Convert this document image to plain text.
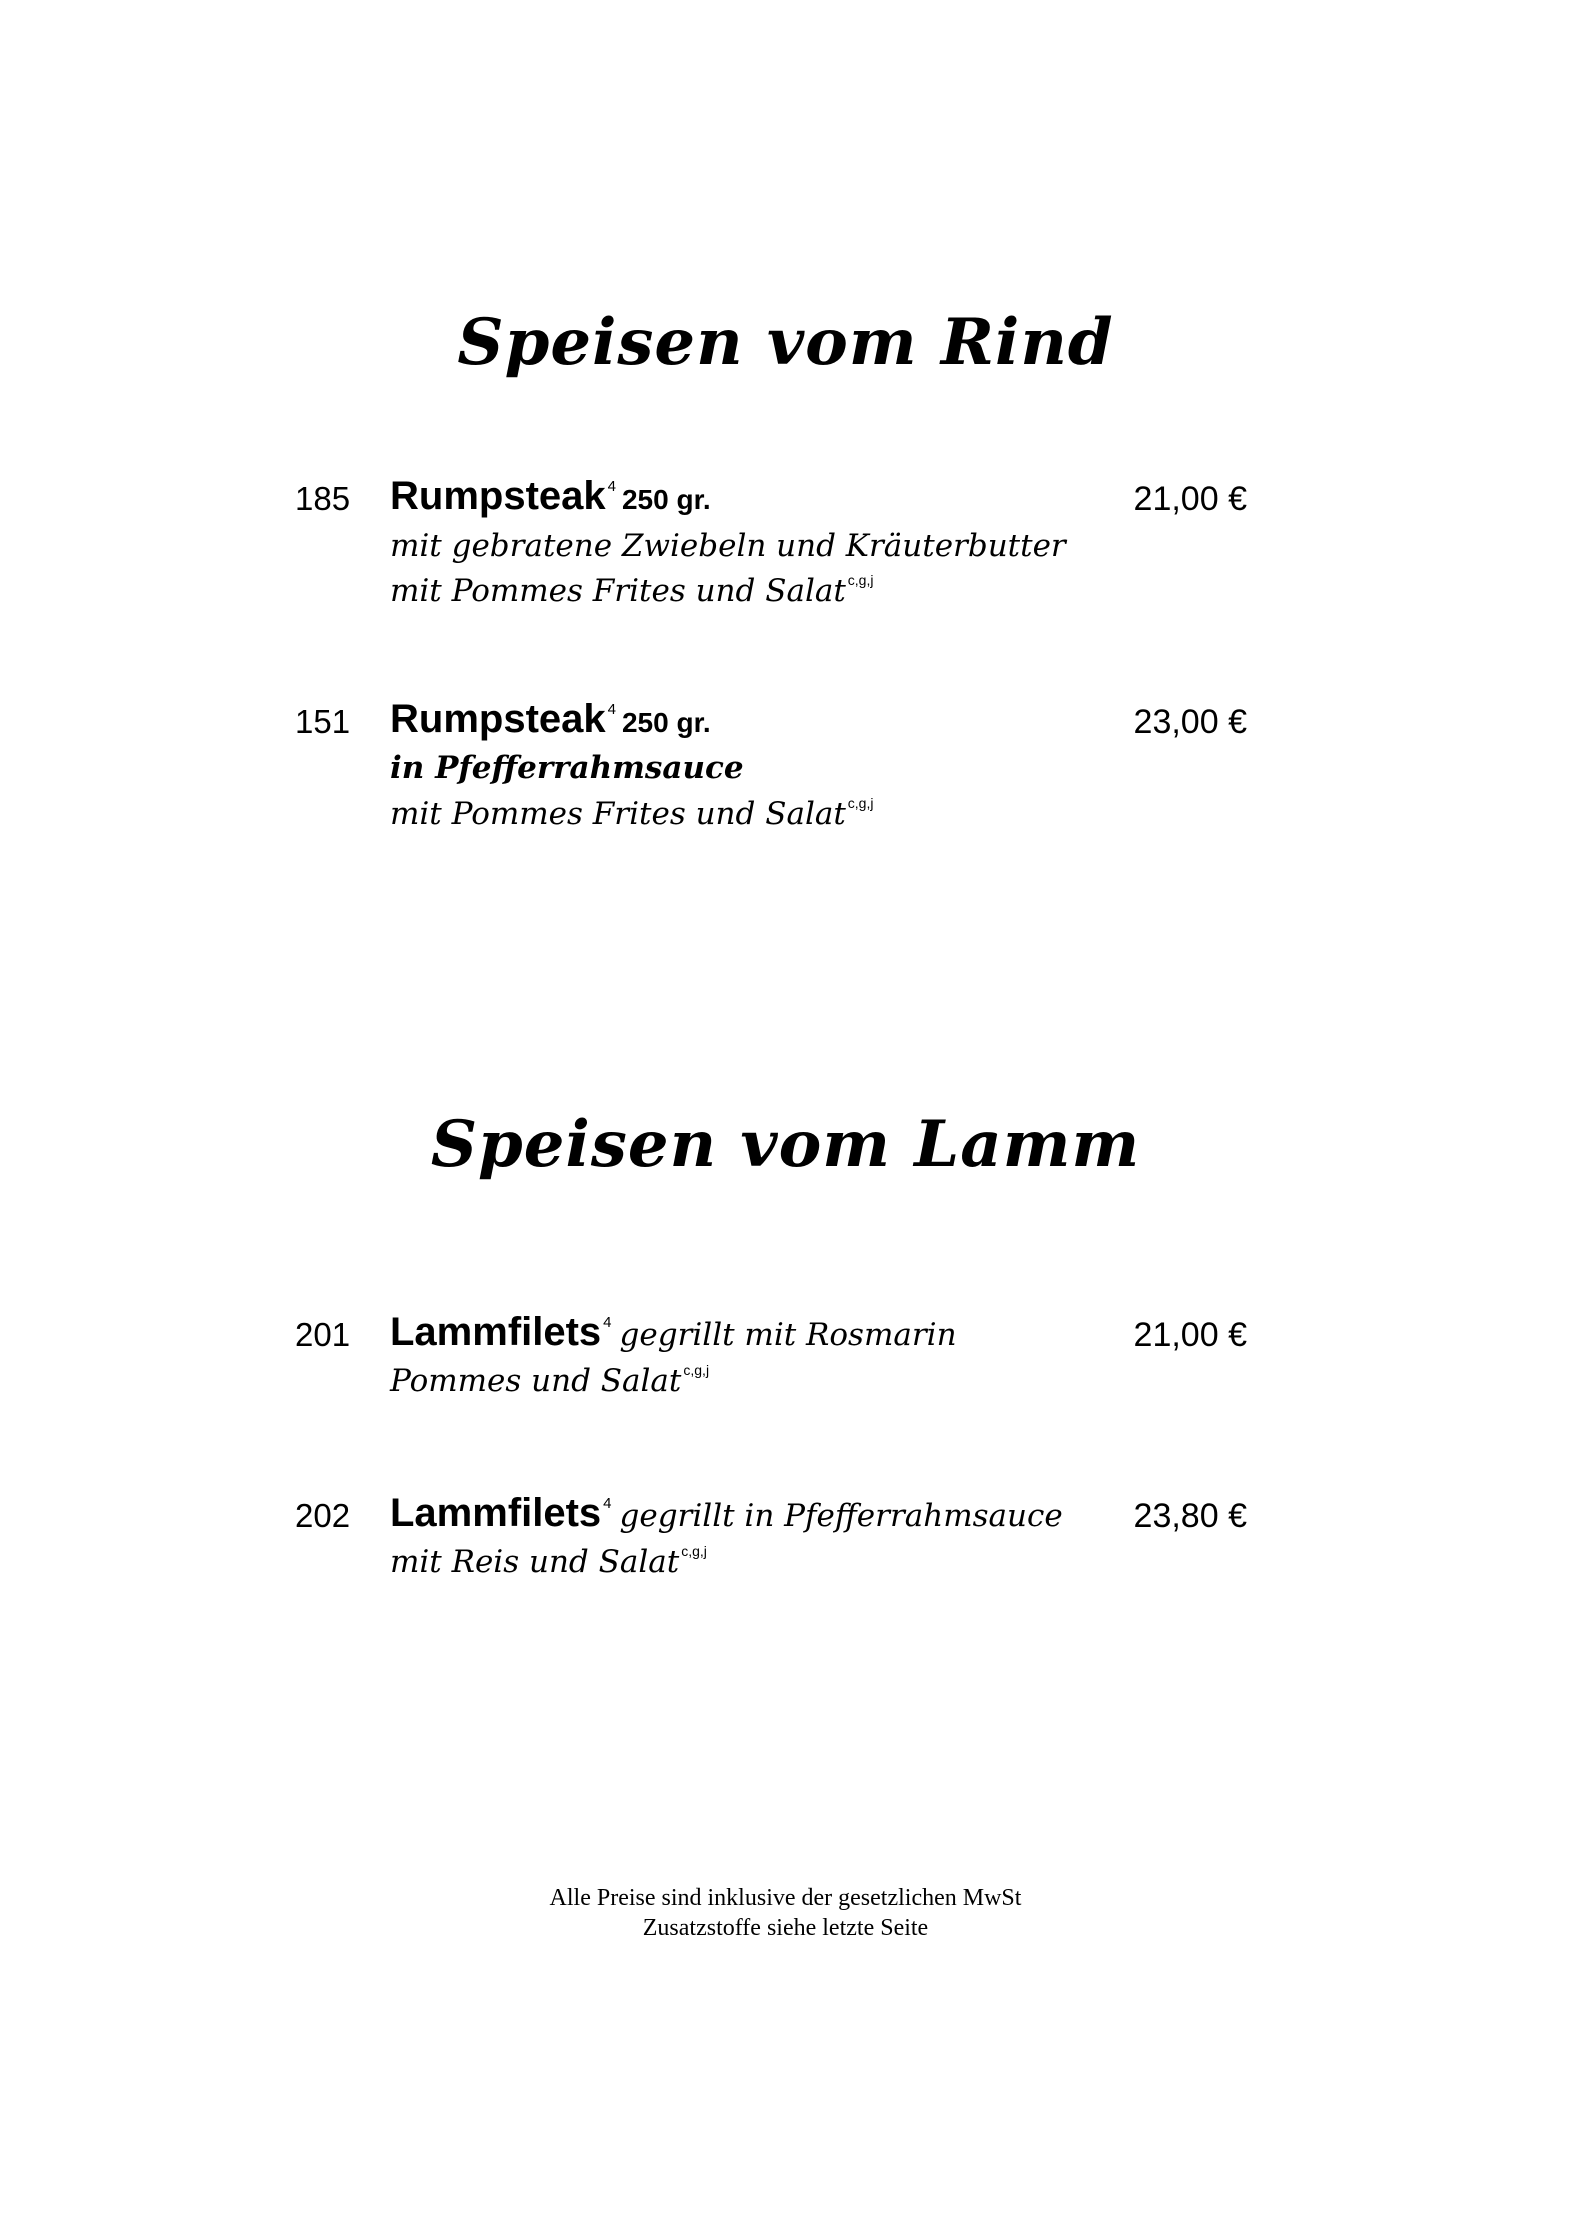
Speisen vom Rind
185 Rumpsteak $^4$ 250 gr.	21,00 €
mit gebratene Zwiebeln und Kräuterbutter
mit Pommes Frites und Salat $^{c,g,j}$
151 Rumpsteak $^4$ 250 gr.	23,00 €
in Pfefferrahmsauce
mit Pommes Frites und Salat $^{c,g,j}$
Speisen vom Lamm
201 Lammfilets $^4$ gegrillt mit Rosmarin	21,00 €
Pommes und Salat $^{c,g,j}$
202 Lammfilets $^4$ gegrillt in Pfefferrahmsauce 23,80 €
mit Reis und Salat $^{c,g,j}$
Alle Preise sind inklusive der gesetzlichen MwSt
Zusatzstoffe siehe letzte Seite
